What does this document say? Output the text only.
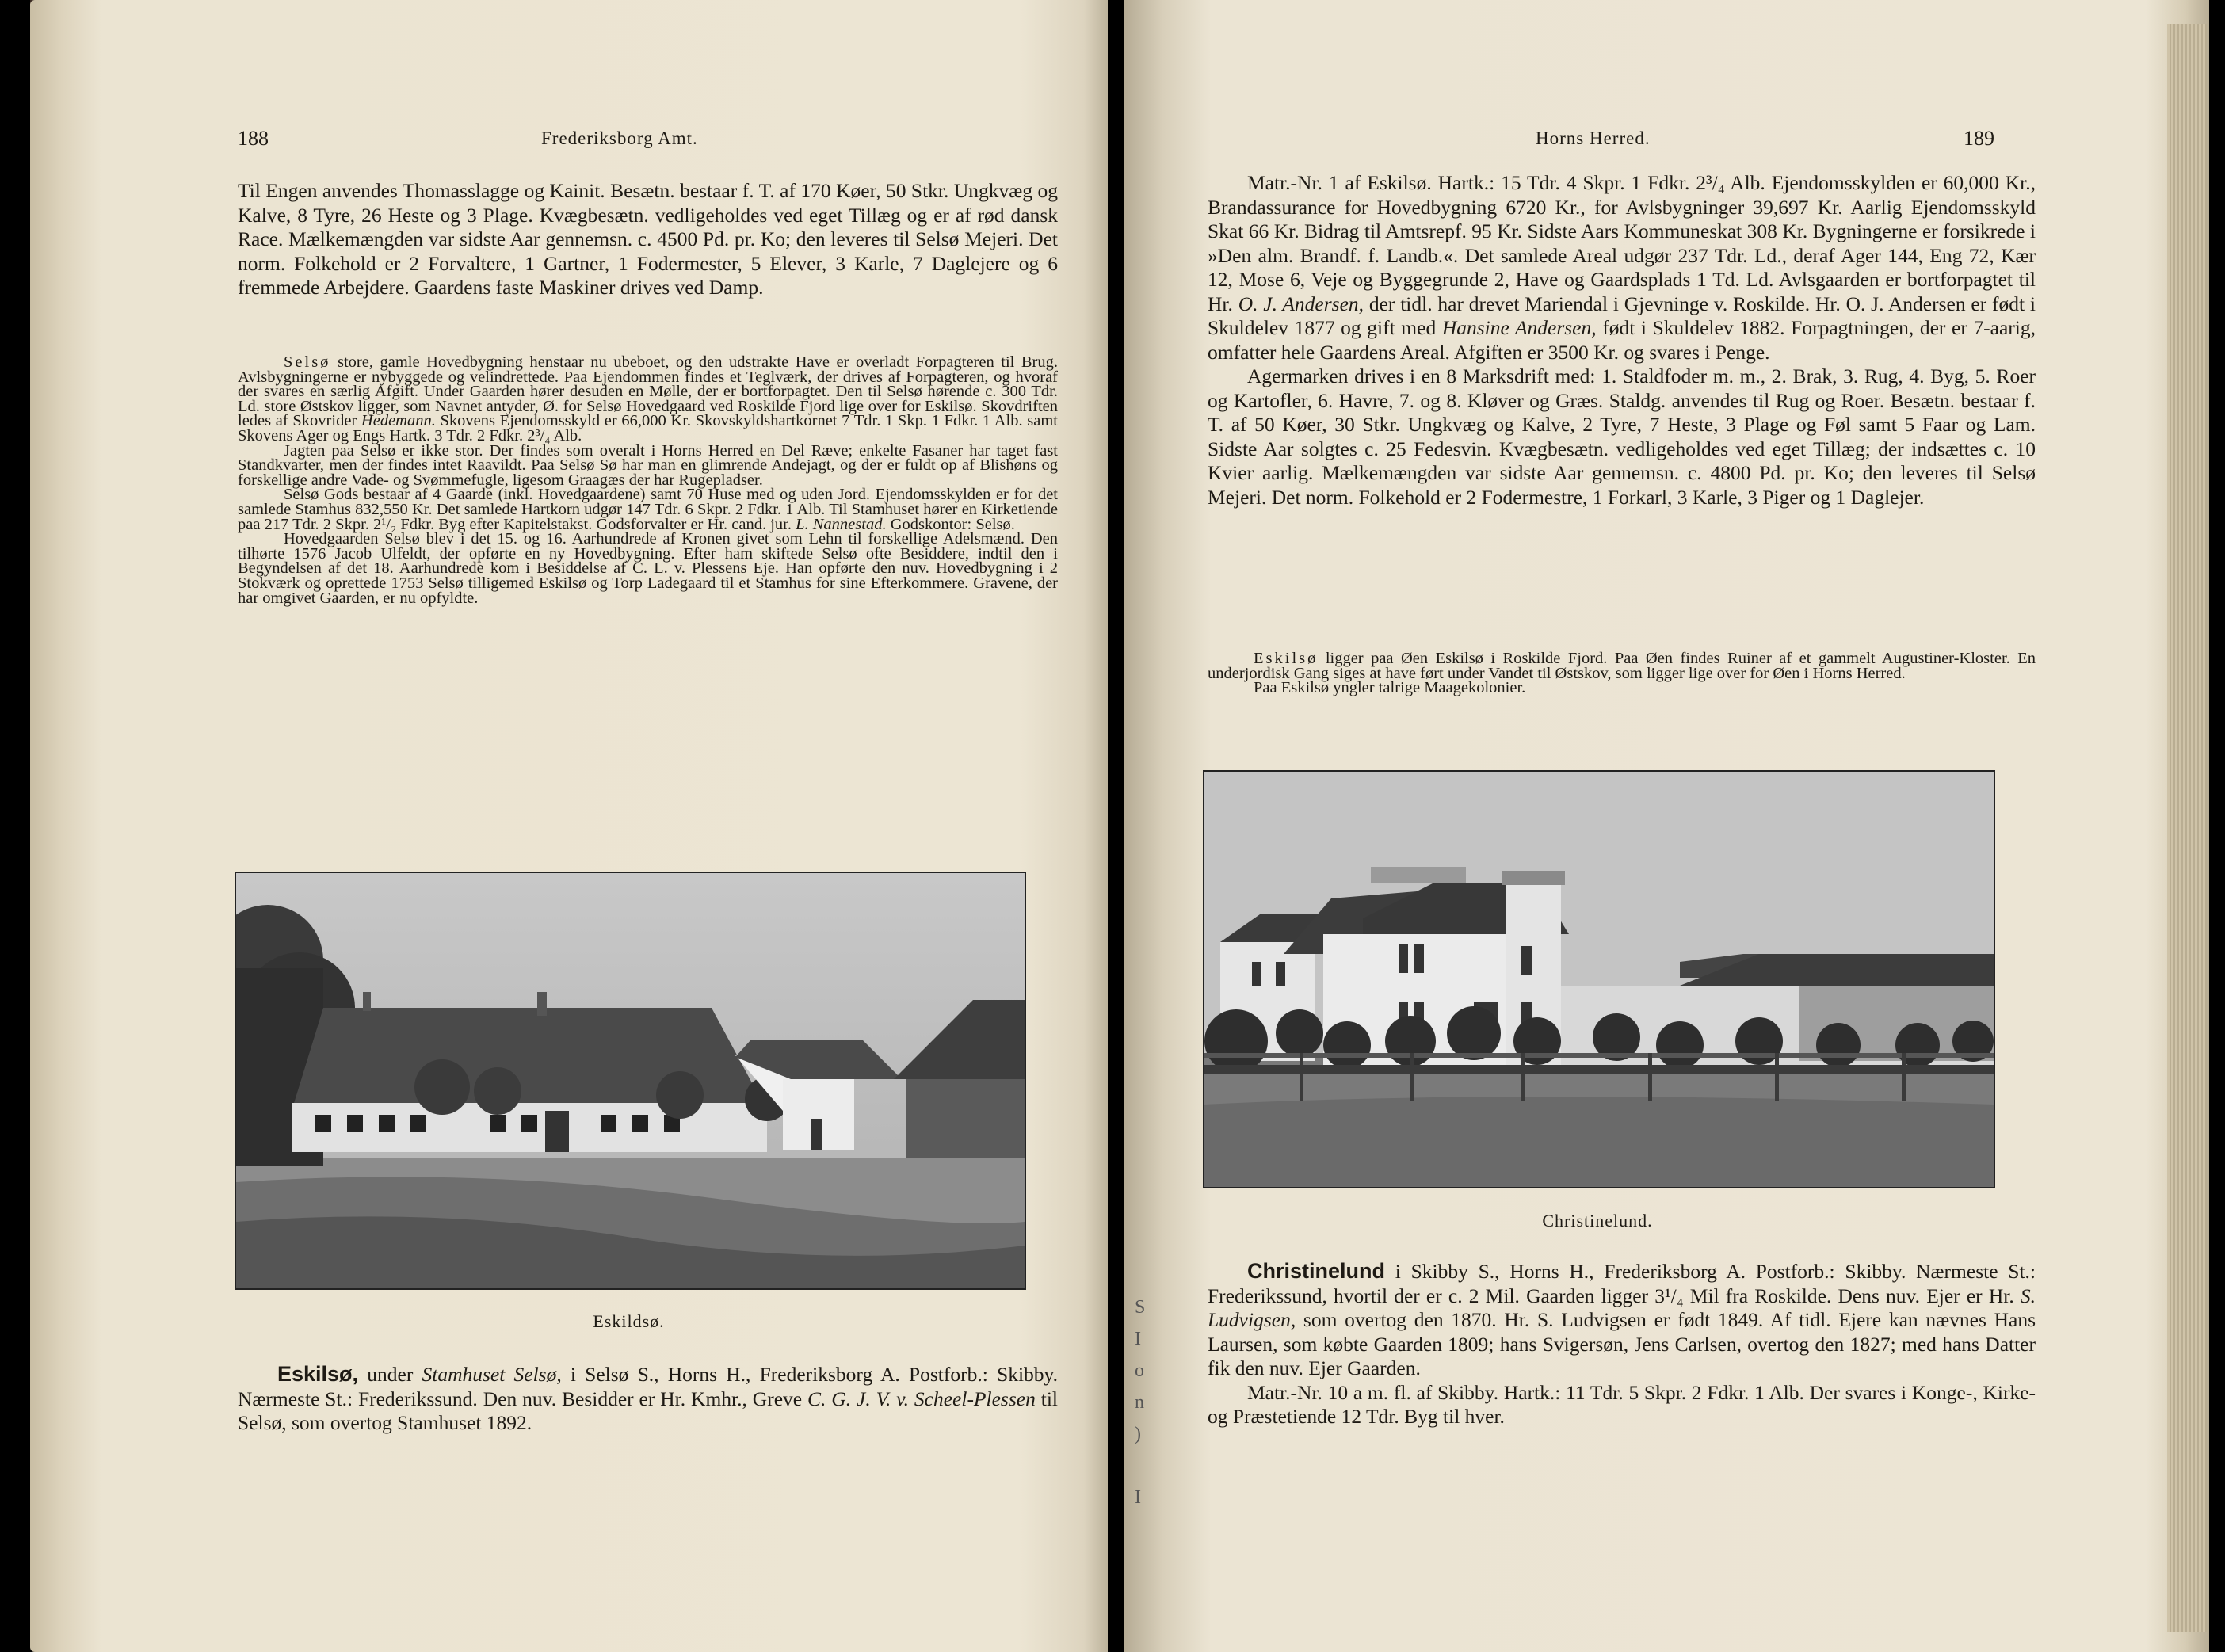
188	Frederiksborg Amt.

Til Engen anvendes Thomasslagge og Kainit. Besætn. bestaar f. T. af 170 Køer, 50 Stkr. Ungkvæg og Kalve, 8 Tyre, 26 Heste og 3 Plage. Kvægbesætn. vedligeholdes ved eget Tillæg og er af rød dansk Race. Mælkemængden var sidste Aar gennemsn. c. 4500 Pd. pr. Ko; den leveres til Selsø Mejeri. Det norm. Folkehold er 2 Forvaltere, 1 Gartner, 1 Fodermester, 5 Elever, 3 Karle, 7 Daglejere og 6 fremmede Arbejdere. Gaardens faste Maskiner drives ved Damp.

Selsø store, gamle Hovedbygning henstaar nu ubeboet, og den udstrakte Have er overladt Forpagteren til Brug. Avlsbygningerne er nybyggede og velindrettede. Paa Ejendommen findes et Teglværk, der drives af Forpagteren, og hvoraf der svares en særlig Afgift. Under Gaarden hører desuden en Mølle, der er bortforpagtet. Den til Selsø hørende c. 300 Tdr. Ld. store Østskov ligger, som Navnet antyder, Ø. for Selsø Hovedgaard ved Roskilde Fjord lige over for Eskilsø. Skovdriften ledes af Skovrider Hedemann. Skovens Ejendomsskyld er 66,000 Kr. Skovskyldshartkornet 7 Tdr. 1 Skp. 1 Fdkr. 1 Alb. samt Skovens Ager og Engs Hartk. 3 Tdr. 2 Fdkr. 2³/₄ Alb.

Jagten paa Selsø er ikke stor. Der findes som overalt i Horns Herred en Del Ræve; enkelte Fasaner har taget fast Standkvarter, men der findes intet Raavildt. Paa Selsø Sø har man en glimrende Andejagt, og der er fuldt op af Blishøns og forskellige andre Vade- og Svømmefugle, ligesom Graagæs der har Rugepladser.

Selsø Gods bestaar af 4 Gaarde (inkl. Hovedgaardene) samt 70 Huse med og uden Jord. Ejendomsskylden er for det samlede Stamhus 832,550 Kr. Det samlede Hartkorn udgør 147 Tdr. 6 Skpr. 2 Fdkr. 1 Alb. Til Stamhuset hører en Kirketiende paa 217 Tdr. 2 Skpr. 2¹/₂ Fdkr. Byg efter Kapitelstakst. Godsforvalter er Hr. cand. jur. L. Nannestad. Godskontor: Selsø.

Hovedgaarden Selsø blev i det 15. og 16. Aarhundrede af Kronen givet som Lehn til forskellige Adelsmænd. Den tilhørte 1576 Jacob Ulfeldt, der opførte en ny Hovedbygning. Efter ham skiftede Selsø ofte Besiddere, indtil den i Begyndelsen af det 18. Aarhundrede kom i Besiddelse af C. L. v. Plessens Eje. Han opførte den nuv. Hovedbygning i 2 Stokværk og oprettede 1753 Selsø tilligemed Eskilsø og Torp Ladegaard til et Stamhus for sine Efterkommere. Gravene, der har omgivet Gaarden, er nu opfyldte.

Eskildsø.

Eskilsø, under Stamhuset Selsø, i Selsø S., Horns H., Frederiksborg A. Postforb.: Skibby. Nærmeste St.: Frederikssund. Den nuv. Besidder er Hr. Kmhr., Greve C. G. J. V. v. Scheel-Plessen til Selsø, som overtog Stamhuset 1892.

Horns Herred.	189

Matr.-Nr. 1 af Eskilsø. Hartk.: 15 Tdr. 4 Skpr. 1 Fdkr. 2³/₄ Alb. Ejendomsskylden er 60,000 Kr., Brandassurance for Hovedbygning 6720 Kr., for Avlsbygninger 39,697 Kr. Aarlig Ejendomsskyld Skat 66 Kr. Bidrag til Amtsrepf. 95 Kr. Sidste Aars Kommuneskat 308 Kr. Bygningerne er forsikrede i »Den alm. Brandf. f. Landb.«. Det samlede Areal udgør 237 Tdr. Ld., deraf Ager 144, Eng 72, Kær 12, Mose 6, Veje og Byggegrunde 2, Have og Gaardsplads 1 Td. Ld. Avlsgaarden er bortforpagtet til Hr. O. J. Andersen, der tidl. har drevet Mariendal i Gjevninge v. Roskilde. Hr. O. J. Andersen er født i Skuldelev 1877 og gift med Hansine Andersen, født i Skuldelev 1882. Forpagtningen, der er 7-aarig, omfatter hele Gaardens Areal. Afgiften er 3500 Kr. og svares i Penge.

Agermarken drives i en 8 Marksdrift med: 1. Staldfoder m. m., 2. Brak, 3. Rug, 4. Byg, 5. Roer og Kartofler, 6. Havre, 7. og 8. Kløver og Græs. Staldg. anvendes til Rug og Roer. Besætn. bestaar f. T. af 50 Køer, 30 Stkr. Ungkvæg og Kalve, 2 Tyre, 7 Heste, 3 Plage og Føl samt 5 Faar og Lam. Sidste Aar solgtes c. 25 Fedesvin. Kvægbesætn. vedligeholdes ved eget Tillæg; der indsættes c. 10 Kvier aarlig. Mælkemængden var sidste Aar gennemsn. c. 4800 Pd. pr. Ko; den leveres til Selsø Mejeri. Det norm. Folkehold er 2 Fodermestre, 1 Forkarl, 3 Karle, 3 Piger og 1 Daglejer.

Eskilsø ligger paa Øen Eskilsø i Roskilde Fjord. Paa Øen findes Ruiner af et gammelt Augustiner-Kloster. En underjordisk Gang siges at have ført under Vandet til Østskov, som ligger lige over for Øen i Horns Herred.

Paa Eskilsø yngler talrige Maagekolonier.

Christinelund.

Christinelund i Skibby S., Horns H., Frederiksborg A. Postforb.: Skibby. Nærmeste St.: Frederikssund, hvortil der er c. 2 Mil. Gaarden ligger 3¹/₄ Mil fra Roskilde. Dens nuv. Ejer er Hr. S. Ludvigsen, som overtog den 1870. Hr. S. Ludvigsen er født 1849. Af tidl. Ejere kan nævnes Hans Laursen, som købte Gaarden 1809; hans Svigersøn, Jens Carlsen, overtog den 1827; med hans Datter fik den nuv. Ejer Gaarden.

Matr.-Nr. 10 a m. fl. af Skibby. Hartk.: 11 Tdr. 5 Skpr. 2 Fdkr. 1 Alb. Der svares i Konge-, Kirke- og Præstetiende 12 Tdr. Byg til hver.

S
I
o
n
)
I
